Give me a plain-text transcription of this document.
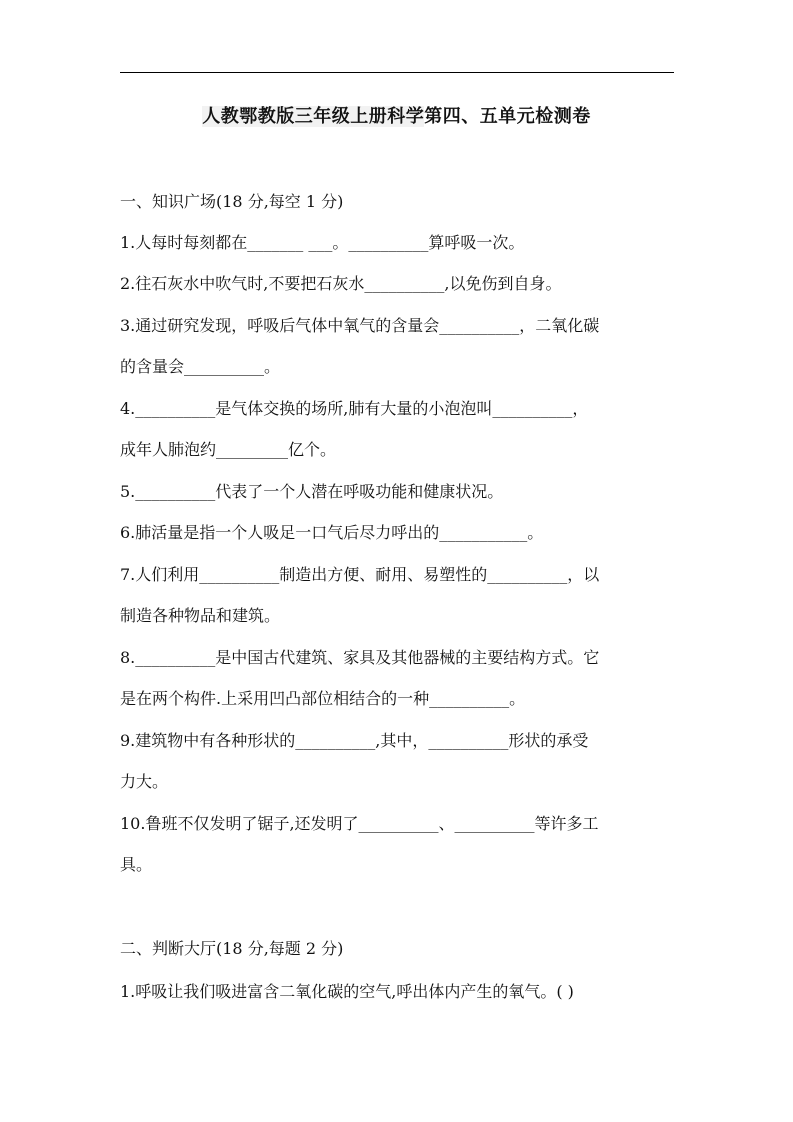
人教鄂教版三年级上册科学第四、五单元检测卷
一、知识广场(18 分,每空 1 分)
1.人每时每刻都在_______ ___。__________算呼吸一次。
2.往石灰水中吹气时,不要把石灰水__________,以免伤到自身。
3.通过研究发现，呼吸后气体中氧气的含量会__________，二氧化碳
的含量会__________。
4.__________是气体交换的场所,肺有大量的小泡泡叫__________，
成年人肺泡约_________亿个。
5.__________代表了一个人潜在呼吸功能和健康状况。
6.肺活量是指一个人吸足一口气后尽力呼出的___________。
7.人们利用__________制造出方便、耐用、易塑性的__________，以
制造各种物品和建筑。
8.__________是中国古代建筑、家具及其他器械的主要结构方式。它
是在两个构件.上采用凹凸部位相结合的一种__________。
9.建筑物中有各种形状的__________,其中，__________形状的承受
力大。
10.鲁班不仅发明了锯子,还发明了__________、__________等许多工
具。
二、判断大厅(18 分,每题 2 分)
1.呼吸让我们吸进富含二氧化碳的空气,呼出体内产生的氧气。( )
